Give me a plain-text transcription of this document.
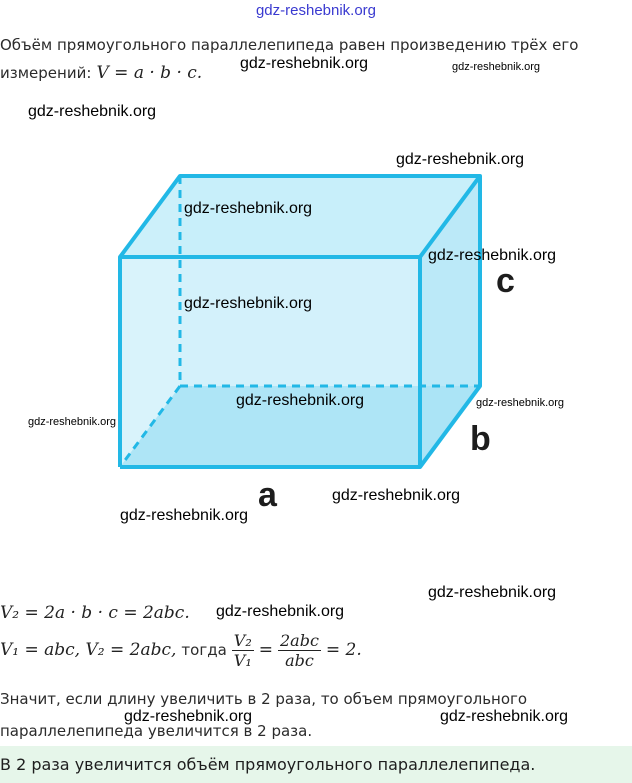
gdz-reshebnik.org
Объём прямоугольного параллелепипеда равен произведению трёх его
измерений: V = a · b · c.
a
b
c
gdz-reshebnik.org	gdz-reshebnik.org
gdz-reshebnik.org
gdz-reshebnik.org
gdz-reshebnik.org
gdz-reshebnik.org
gdz-reshebnik.org
gdz-reshebnik.org	gdz-reshebnik.org
gdz-reshebnik.org
gdz-reshebnik.org
gdz-reshebnik.org
gdz-reshebnik.org
gdz-reshebnik.org
gdz-reshebnik.org	gdz-reshebnik.org
V₂ = 2a · b · c = 2abc.
V₁ = abc, V₂ = 2abc, тогда $\frac{\text{V₂}}{\text{V₁}} = \frac{\text{2abc}}{\text{abc}} = 2$.
Значит, если длину увеличить в 2 раза, то объем прямоугольного
параллелепипеда увеличится в 2 раза.
В 2 раза увеличится объём прямоугольного параллелепипеда.
